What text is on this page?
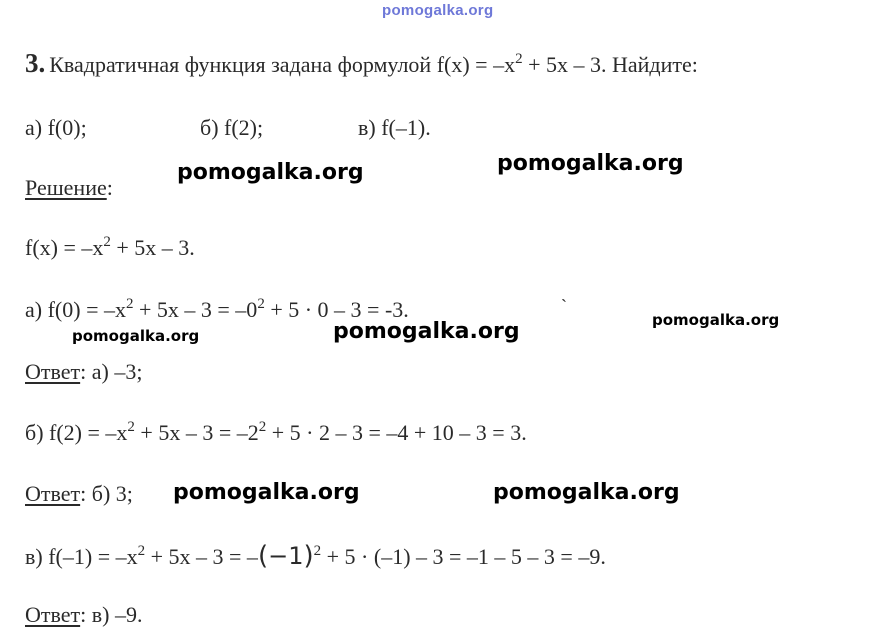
pomogalka.org
3. Квадратичная функция задана формулой $f(x) = -x^2 + 5x - 3$. Найдите:
а) f(0);	б) f(2);	в) f(–1).
Решение:
$f(x) = -x^2 + 5x - 3$.
а) $f(0) = -x^2 + 5x - 3 = -0^2 + 5 \cdot 0 - 3 = -3$.	ˋ
Ответ: а) –3;
б) $f(2) = -x^2 + 5x - 3 = -2^2 + 5 \cdot 2 - 3 = -4 + 10 - 3 = 3$.
Ответ: б) 3;
в) $f(-1) = -x^2 + 5x - 3 = -(-1)^2 + 5 \cdot (-1) - 3 = -1 - 5 - 3 = -9$.
Ответ: в) –9.
pomogalka.org	pomogalka.org
pomogalka.org	pomogalka.org	pomogalka.org
pomogalka.org	pomogalka.org
